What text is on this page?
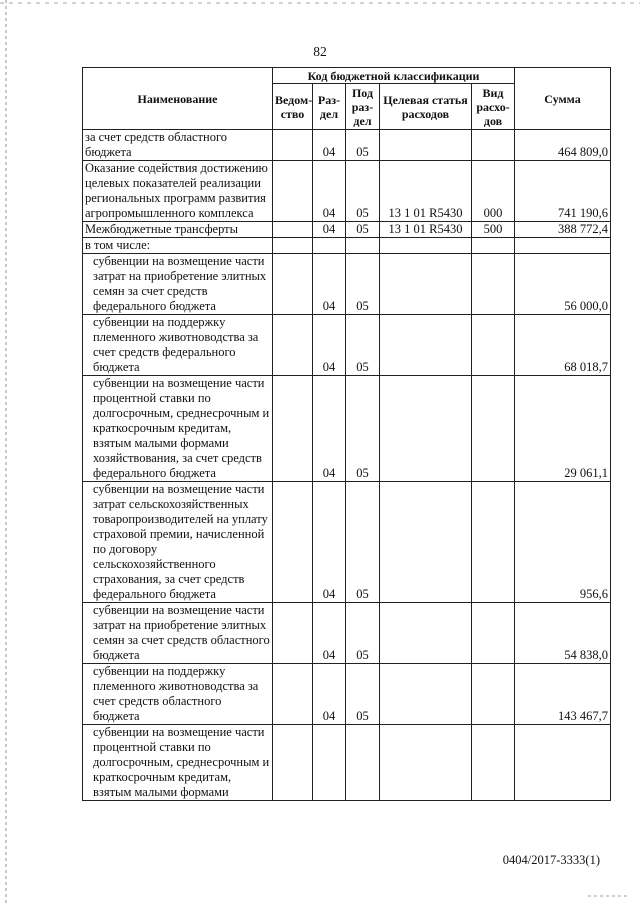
82
Наименование	Код бюджетной классификации					Сумма
	Ведом-ство	Раз-дел	Под раз-дел	Целевая статья расходов	Вид расхо-дов	
за счет средств областного бюджета		04	05			464 809,0
Оказание содействия достижению целевых показателей реализации региональных программ развития агропромышленного комплекса		04	05	13 1 01 R5430	000	741 190,6
Межбюджетные трансферты		04	05	13 1 01 R5430	500	388 772,4
в том числе:						
субвенции на возмещение части затрат на приобретение элитных семян за счет средств федерального бюджета		04	05			56 000,0
субвенции на поддержку племенного животноводства за счет средств федерального бюджета		04	05			68 018,7
субвенции на возмещение части процентной ставки по долгосрочным, среднесрочным и краткосрочным кредитам, взятым малыми формами хозяйствования, за счет средств федерального бюджета		04	05			29 061,1
субвенции на возмещение части затрат сельскохозяйственных товаропроизводителей на уплату страховой премии, начисленной по договору сельскохозяйственного страхования, за счет средств федерального бюджета		04	05			956,6
субвенции на возмещение части затрат на приобретение элитных семян за счет средств областного бюджета		04	05			54 838,0
субвенции на поддержку племенного животноводства за счет средств областного бюджета		04	05			143 467,7
субвенции на возмещение части процентной ставки по долгосрочным, среднесрочным и краткосрочным кредитам, взятым малыми формами						
0404/2017-3333(1)
